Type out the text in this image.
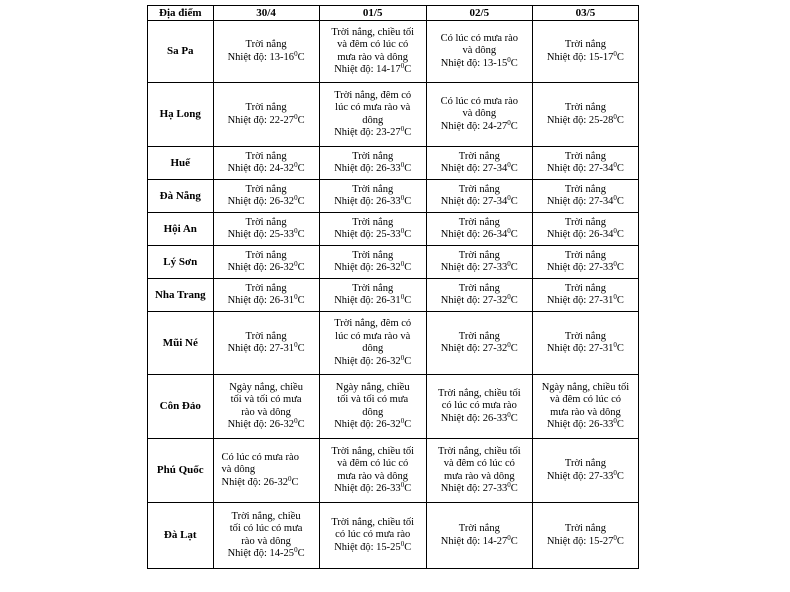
Địa điểm	30/4	01/5	02/5	03/5
Sa Pa	Trời nắng
Nhiệt độ: $13-16^0C$	Trời nắng, chiều tối
và đêm có lúc có
mưa rào và dông
Nhiệt độ: $14-17^0C$	Có lúc có mưa rào
và dông
Nhiệt độ: $13-15^0C$	Trời nắng
Nhiệt độ: $15-17^0C$

Hạ Long	Trời nắng
Nhiệt độ: $22-27^0C$	Trời nắng, đêm có
lúc có mưa rào và
dông
Nhiệt độ: $23-27^0C$	Có lúc có mưa rào
và dông
Nhiệt độ: $24-27^0C$	Trời nắng
Nhiệt độ: $25-28^0C$

Huế	Trời nắng
Nhiệt độ: $24-32^0C$	Trời nắng
Nhiệt độ: $26-33^0C$	Trời nắng
Nhiệt độ: $27-34^0C$	Trời nắng
Nhiệt độ: $27-34^0C$

Đà Nẵng	Trời nắng
Nhiệt độ: $26-32^0C$	Trời nắng
Nhiệt độ: $26-33^0C$	Trời nắng
Nhiệt độ: $27-34^0C$	Trời nắng
Nhiệt độ: $27-34^0C$

Hội An	Trời nắng
Nhiệt độ: $25-33^0C$	Trời nắng
Nhiệt độ: $25-33^0C$	Trời nắng
Nhiệt độ: $26-34^0C$	Trời nắng
Nhiệt độ: $26-34^0C$

Lý Sơn	Trời nắng
Nhiệt độ: $26-32^0C$	Trời nắng
Nhiệt độ: $26-32^0C$	Trời nắng
Nhiệt độ: $27-33^0C$	Trời nắng
Nhiệt độ: $27-33^0C$

Nha Trang	Trời nắng
Nhiệt độ: $26-31^0C$	Trời nắng
Nhiệt độ: $26-31^0C$	Trời nắng
Nhiệt độ: $27-32^0C$	Trời nắng
Nhiệt độ: $27-31^0C$

Mũi Né	Trời nắng
Nhiệt độ: $27-31^0C$	Trời nắng, đêm có
lúc có mưa rào và
dông
Nhiệt độ: $26-32^0C$	Trời nắng
Nhiệt độ: $27-32^0C$	Trời nắng
Nhiệt độ: $27-31^0C$

Côn Đảo	Ngày nắng, chiều
tối và tối có mưa
rào và dông
Nhiệt độ: $26-32^0C$	Ngày nắng, chiều
tối và tối có mưa
dông
Nhiệt độ: $26-32^0C$	Trời nắng, chiều tối
có lúc có mưa rào
Nhiệt độ: $26-33^0C$	Ngày nắng, chiều tối
và đêm có lúc có
mưa rào và dông
Nhiệt độ: $26-33^0C$

Phú Quốc	Có lúc có mưa rào
và dông
Nhiệt độ: $26-32^0C$	Trời nắng, chiều tối
và đêm có lúc có
mưa rào và dông
Nhiệt độ: $26-33^0C$	Trời nắng, chiều tối
và đêm có lúc có
mưa rào và dông
Nhiệt độ: $27-33^0C$	Trời nắng
Nhiệt độ: $27-33^0C$

Đà Lạt	Trời nắng, chiều
tối có lúc có mưa
rào và dông
Nhiệt độ: $14-25^0C$	Trời nắng, chiều tối
có lúc có mưa rào
Nhiệt độ: $15-25^0C$	Trời nắng
Nhiệt độ: $14-27^0C$	Trời nắng
Nhiệt độ: $15-27^0C$
